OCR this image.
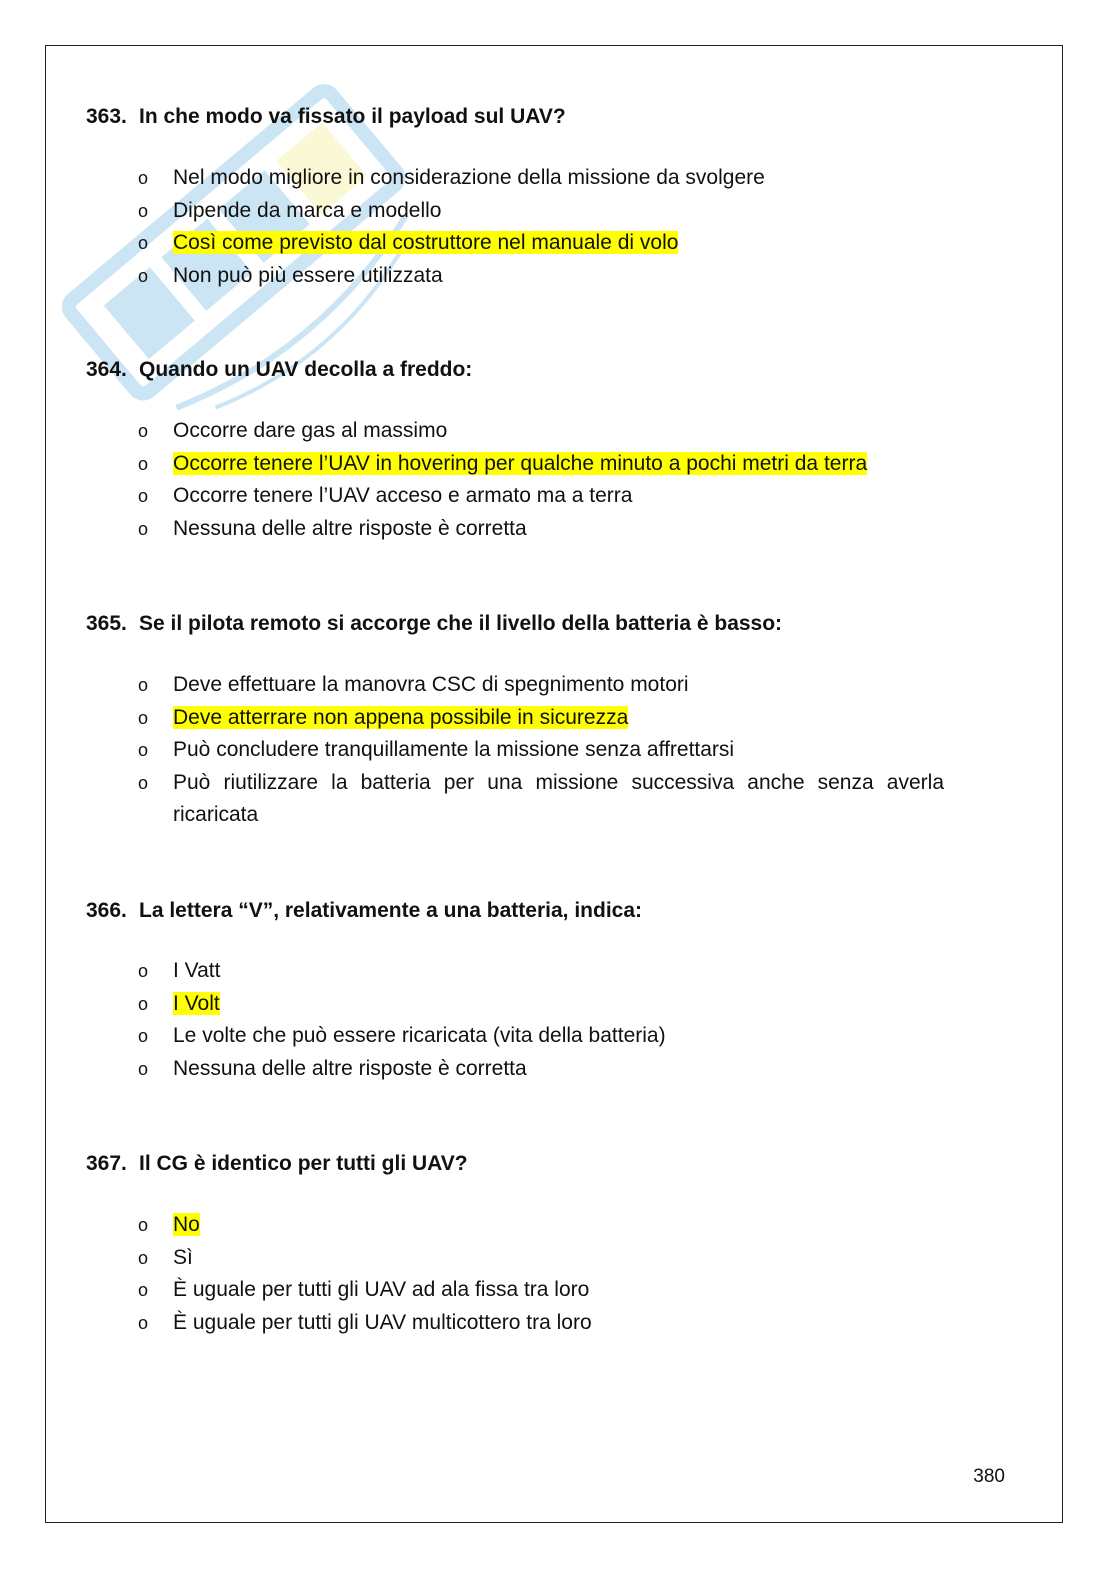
363. In che modo va fissato il payload sul UAV?

o Nel modo migliore in considerazione della missione da svolgere
o Dipende da marca e modello
o Così come previsto dal costruttore nel manuale di volo
o Non può più essere utilizzata

364. Quando un UAV decolla a freddo:

o Occorre dare gas al massimo
o Occorre tenere l’UAV in hovering per qualche minuto a pochi metri da terra
o Occorre tenere l’UAV acceso e armato ma a terra
o Nessuna delle altre risposte è corretta

365. Se il pilota remoto si accorge che il livello della batteria è basso:

o Deve effettuare la manovra CSC di spegnimento motori
o Deve atterrare non appena possibile in sicurezza
o Può concludere tranquillamente la missione senza affrettarsi
o Può riutilizzare la batteria per una missione successiva anche senza averla ricaricata

366. La lettera “V”, relativamente a una batteria, indica:

o I Vatt
o I Volt
o Le volte che può essere ricaricata (vita della batteria)
o Nessuna delle altre risposte è corretta

367. Il CG è identico per tutti gli UAV?

o No
o Sì
o È uguale per tutti gli UAV ad ala fissa tra loro
o È uguale per tutti gli UAV multicottero tra loro
380
